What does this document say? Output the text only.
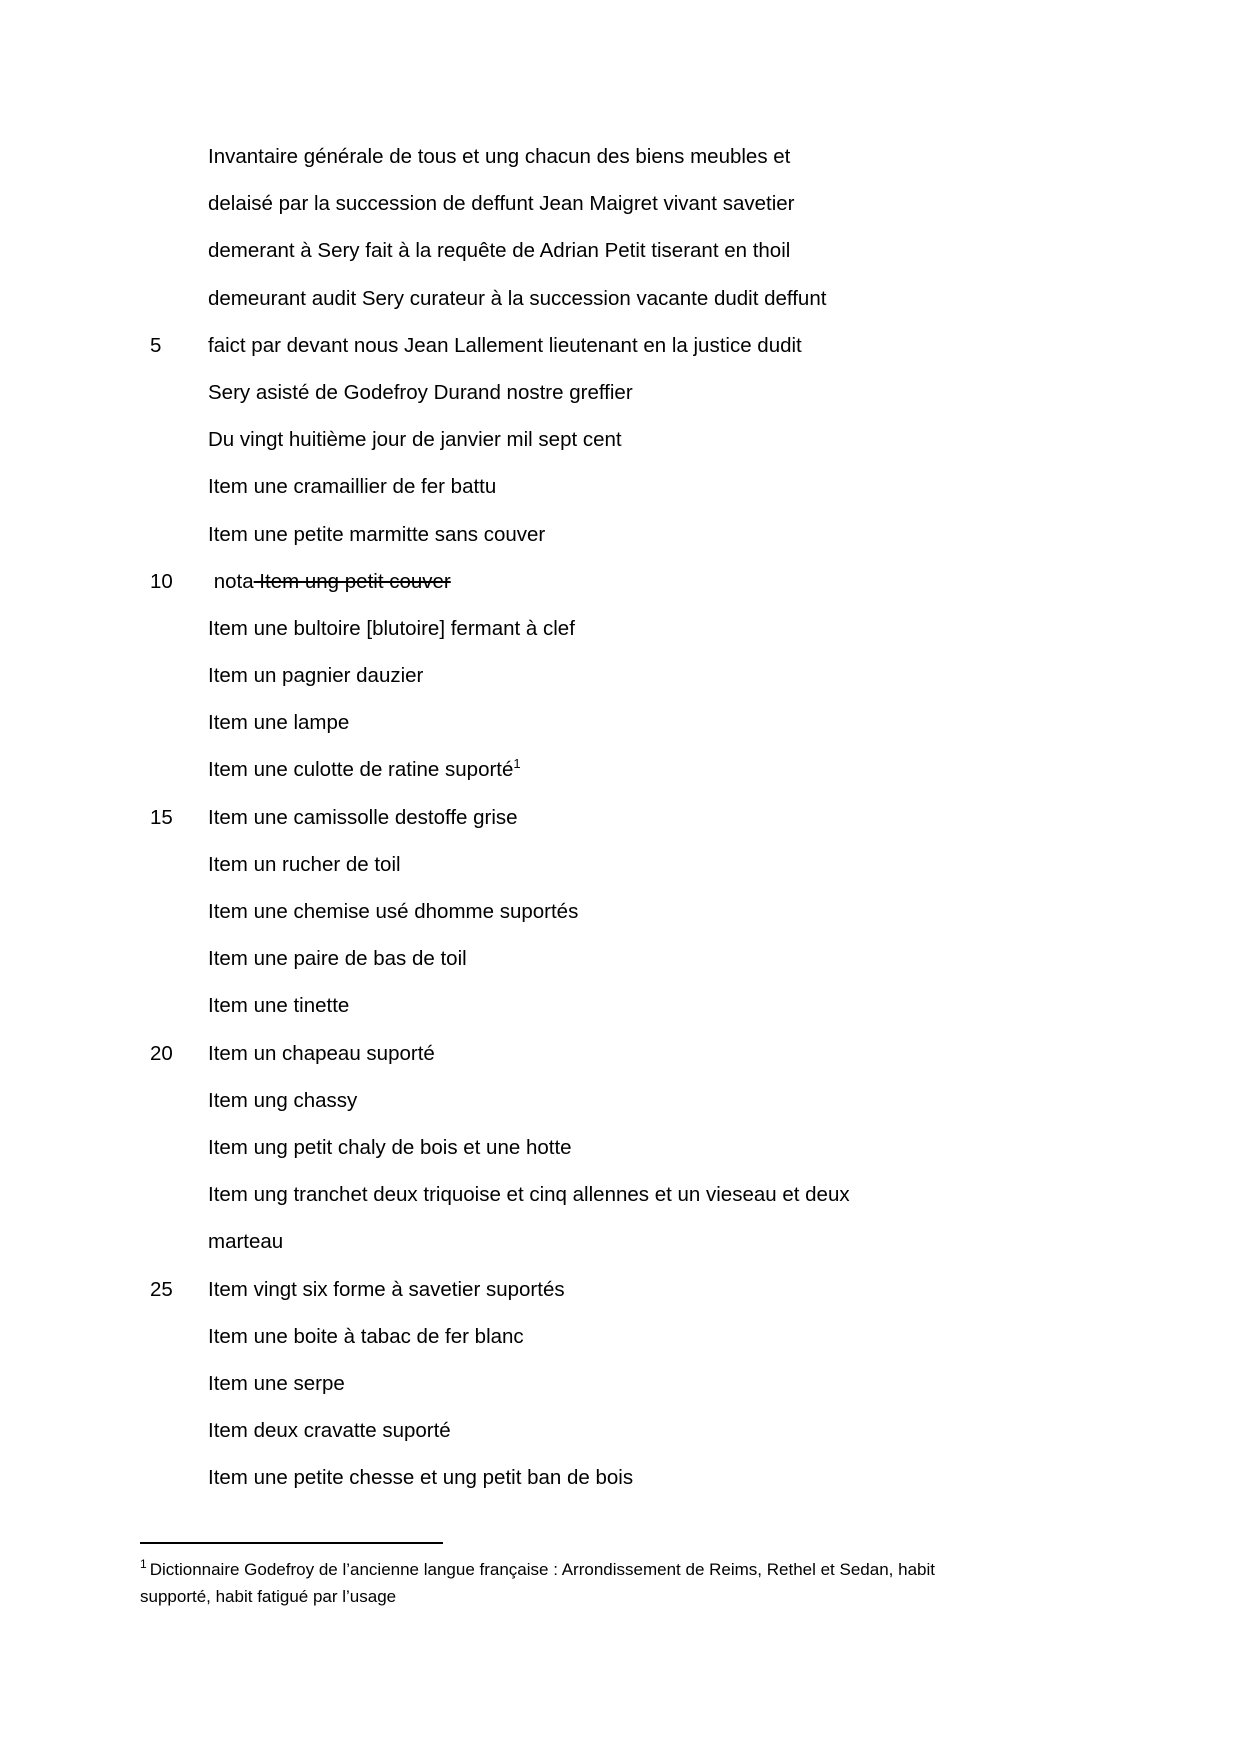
Invantaire générale de tous et ung chacun des biens meubles et
delaisé par la succession de deffunt Jean Maigret vivant savetier
demerant à Sery fait à la requête de Adrian Petit tiserant en thoil
demeurant audit Sery curateur à la succession vacante dudit deffunt
5 faict par devant nous Jean Lallement lieutenant en la justice dudit
Sery asisté de Godefroy Durand nostre greffier
Du vingt huitième jour de janvier mil sept cent
Item une cramaillier de fer battu
Item une petite marmitte sans couver
10 nota Item ung petit couver
Item une bultoire [blutoire] fermant à clef
Item un pagnier dauzier
Item une lampe
Item une culotte de ratine suporté$^1$
15 Item une camissolle destoffe grise
Item un rucher de toil
Item une chemise usé dhomme suportés
Item une paire de bas de toil
Item une tinette
20 Item un chapeau suporté
Item ung chassy
Item ung petit chaly de bois et une hotte
Item ung tranchet deux triquoise et cinq allennes et un vieseau et deux
marteau
25 Item vingt six forme à savetier suportés
Item une boite à tabac de fer blanc
Item une serpe
Item deux cravatte suporté
Item une petite chesse et ung petit ban de bois
$^1$ Dictionnaire Godefroy de l’ancienne langue française : Arrondissement de Reims, Rethel et Sedan, habit
supporté, habit fatigué par l’usage
